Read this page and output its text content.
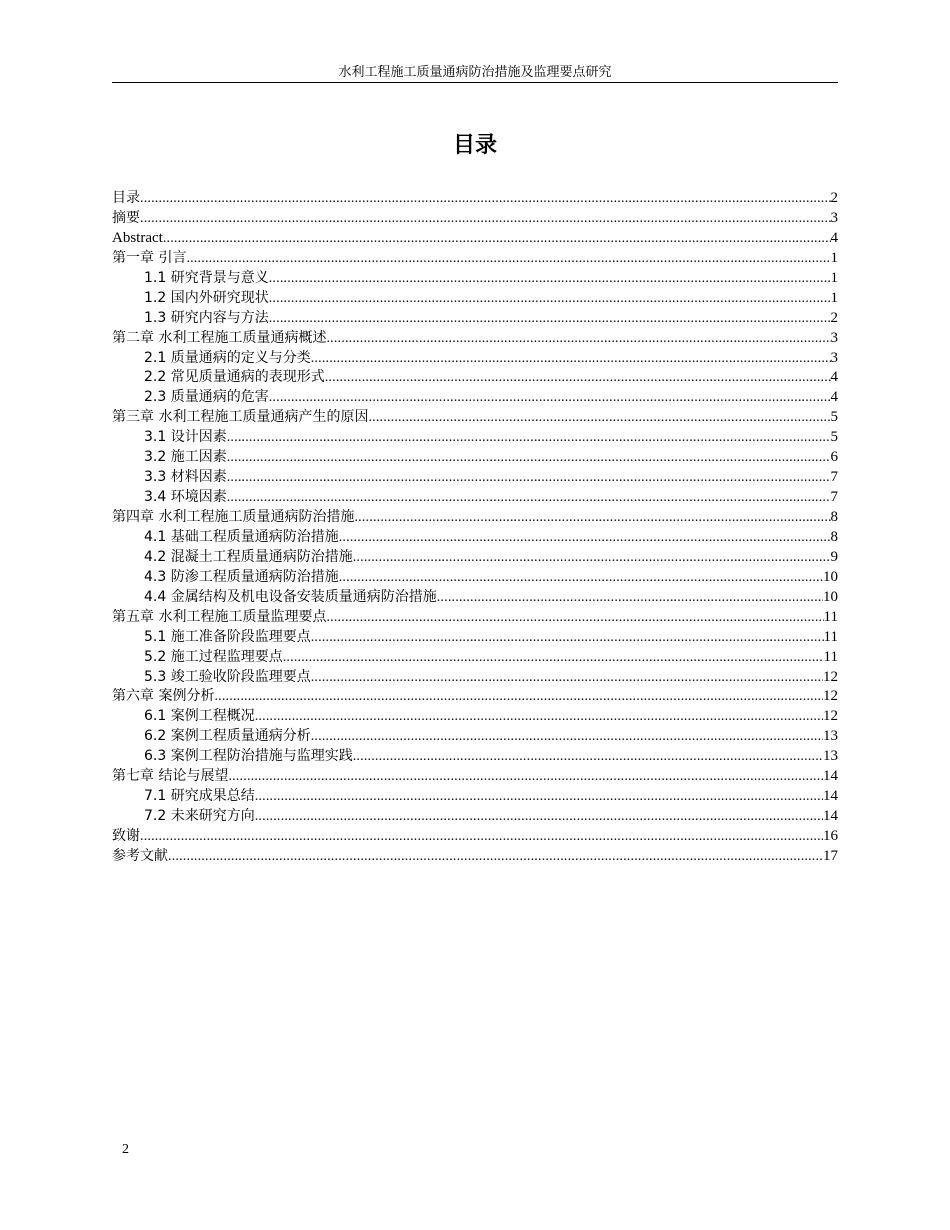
水利工程施工质量通病防治措施及监理要点研究
目录
目录 .....	2
摘要 .....	3
Abstract .....	4
第一章 引言 .....	1
1.1 研究背景与意义 .....	1
1.2 国内外研究现状 .....	1
1.3 研究内容与方法 .....	2
第二章 水利工程施工质量通病概述 .....	3
2.1 质量通病的定义与分类 .....	3
2.2 常见质量通病的表现形式 .....	4
2.3 质量通病的危害 .....	4
第三章 水利工程施工质量通病产生的原因 .....	5
3.1 设计因素 .....	5
3.2 施工因素 .....	6
3.3 材料因素 .....	7
3.4 环境因素 .....	7
第四章 水利工程施工质量通病防治措施 .....	8
4.1 基础工程质量通病防治措施 .....	8
4.2 混凝土工程质量通病防治措施 .....	9
4.3 防渗工程质量通病防治措施 .....	10
4.4 金属结构及机电设备安装质量通病防治措施 .....	10
第五章 水利工程施工质量监理要点 .....	11
5.1 施工准备阶段监理要点 .....	11
5.2 施工过程监理要点 .....	11
5.3 竣工验收阶段监理要点 .....	12
第六章 案例分析 .....	12
6.1 案例工程概况 .....	12
6.2 案例工程质量通病分析 .....	13
6.3 案例工程防治措施与监理实践 .....	13
第七章 结论与展望 .....	14
7.1 研究成果总结 .....	14
7.2 未来研究方向 .....	14
致谢 .....	16
参考文献 .....	17
2
